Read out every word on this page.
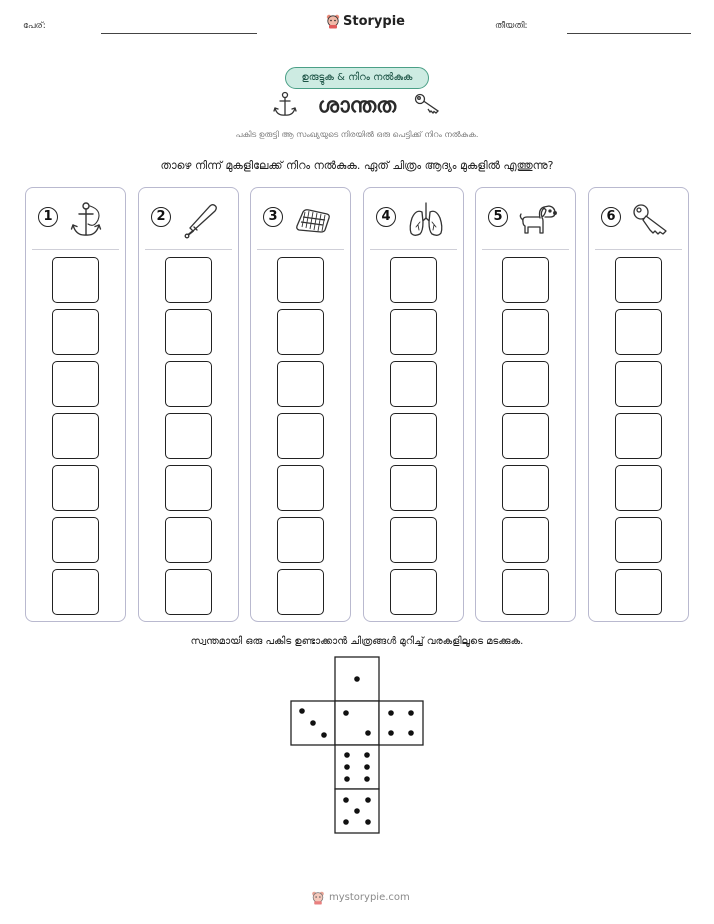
പേര്:	Storypie	തീയതി:
ഉരുട്ടുക & നിറം നൽകുക
ശാന്തത
പകിട ഉരുട്ടി ആ സംഖ്യയുടെ നിരയിൽ ഒരു പെട്ടിക്ക് നിറം നൽകുക.
താഴെ നിന്ന് മുകളിലേക്ക് നിറം നൽകുക. ഏത് ചിത്രം ആദ്യം മുകളിൽ എത്തുന്നു?
1	2	3	4	5	6
സ്വന്തമായി ഒരു പകിട ഉണ്ടാക്കാൻ ചിത്രങ്ങൾ മുറിച്ച് വരകളിലൂടെ മടക്കുക.
mystorypie.com
